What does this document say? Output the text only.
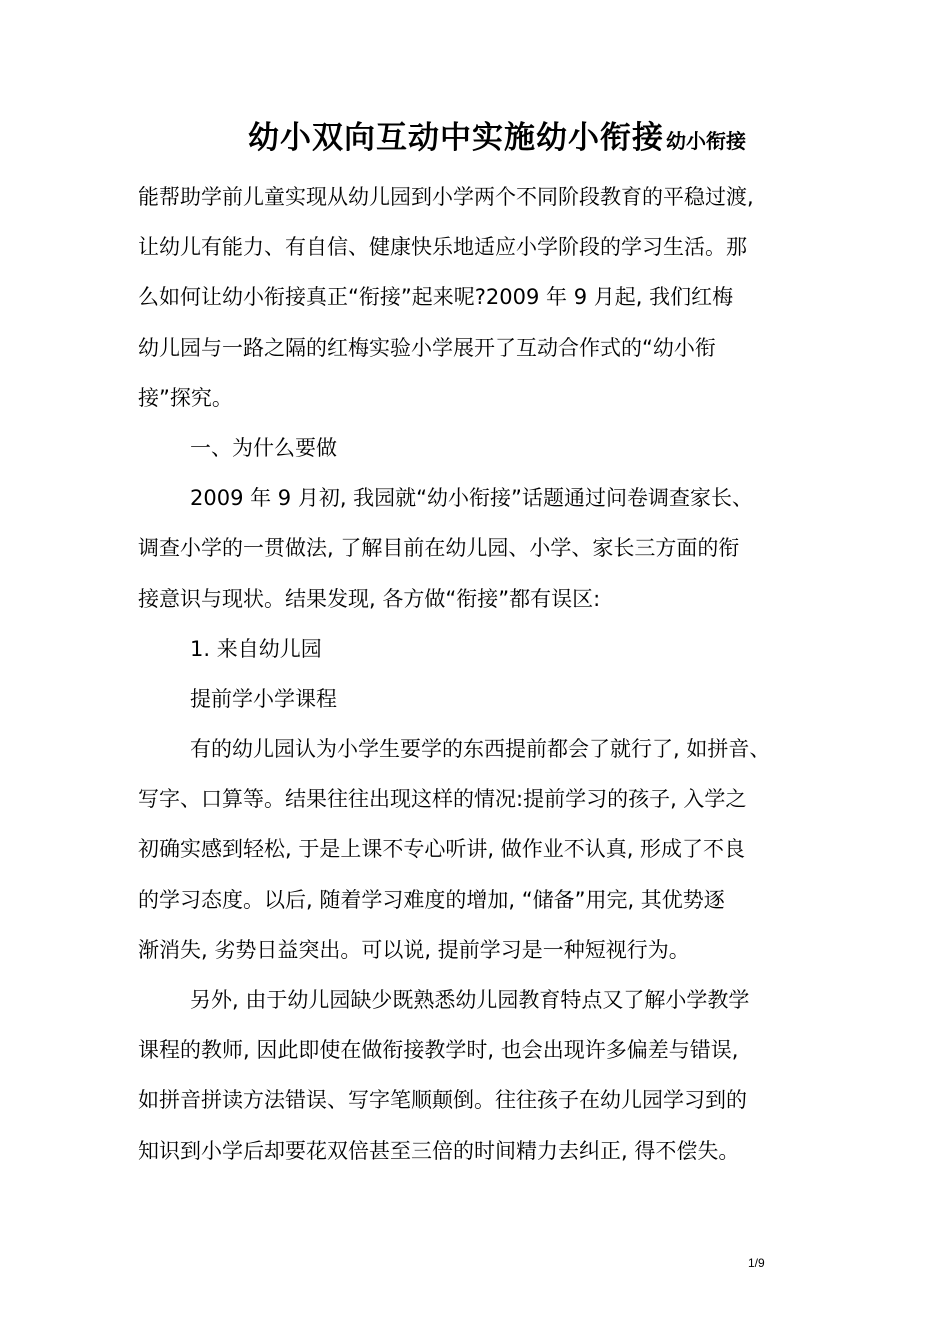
幼小双向互动中实施幼小衔接 幼小衔接
能帮助学前儿童实现从幼儿园到小学两个不同阶段教育的平稳过渡,
让幼儿有能力、有自信、健康快乐地适应小学阶段的学习生活。那
么如何让幼小衔接真正“衔接”起来呢?2009 年 9 月起, 我们红梅
幼儿园与一路之隔的红梅实验小学展开了互动合作式的“幼小衔
接”探究。
一、为什么要做
2009 年 9 月初, 我园就“幼小衔接”话题通过问卷调查家长、
调查小学的一贯做法, 了解目前在幼儿园、小学、家长三方面的衔
接意识与现状。结果发现, 各方做“衔接”都有误区:
1. 来自幼儿园
提前学小学课程
有的幼儿园认为小学生要学的东西提前都会了就行了, 如拼音、
写字、口算等。结果往往出现这样的情况:提前学习的孩子, 入学之
初确实感到轻松, 于是上课不专心听讲, 做作业不认真, 形成了不良
的学习态度。以后, 随着学习难度的增加, “储备”用完, 其优势逐
渐消失, 劣势日益突出。可以说, 提前学习是一种短视行为。
另外, 由于幼儿园缺少既熟悉幼儿园教育特点又了解小学教学
课程的教师, 因此即使在做衔接教学时, 也会出现许多偏差与错误,
如拼音拼读方法错误、写字笔顺颠倒。往往孩子在幼儿园学习到的
知识到小学后却要花双倍甚至三倍的时间精力去纠正, 得不偿失。
1/9
